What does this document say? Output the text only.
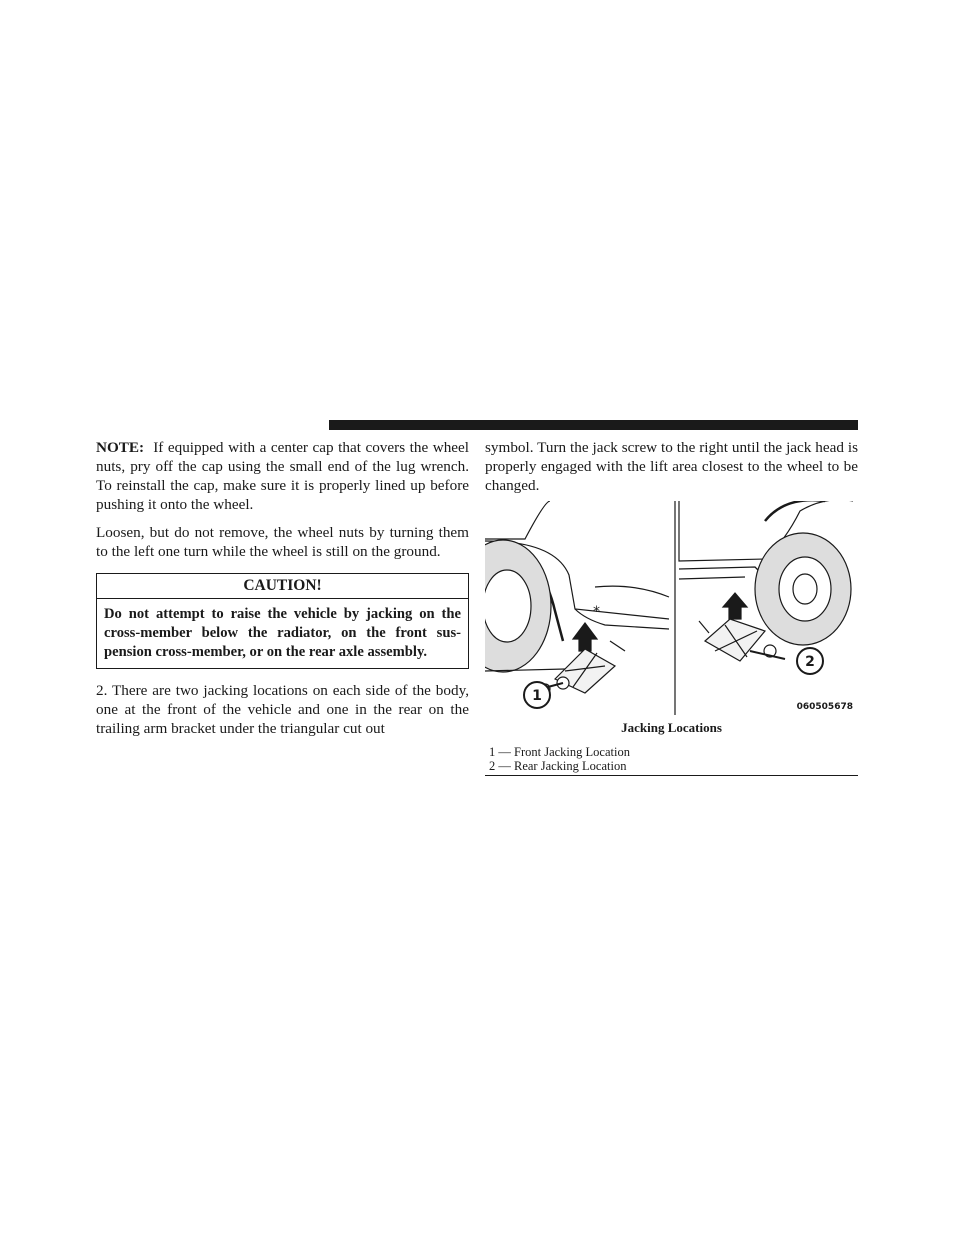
NOTE: If equipped with a center cap that covers the wheel nuts, pry off the cap using the small end of the lug wrench. To reinstall the cap, make sure it is properly lined up before pushing it onto the wheel.

Loosen, but do not remove, the wheel nuts by turning them to the left one turn while the wheel is still on the ground.

CAUTION!
Do not attempt to raise the vehicle by jacking on the cross-member below the radiator, on the front sus- pension cross-member, or on the rear axle assembly.

2. There are two jacking locations on each side of the body, one at the front of the vehicle and one in the rear on the trailing arm bracket under the triangular cut out

symbol. Turn the jack screw to the right until the jack head is properly engaged with the lift area closest to the wheel to be changed.

*
1
2
060505678
Jacking Locations
1 — Front Jacking Location
2 — Rear Jacking Location
